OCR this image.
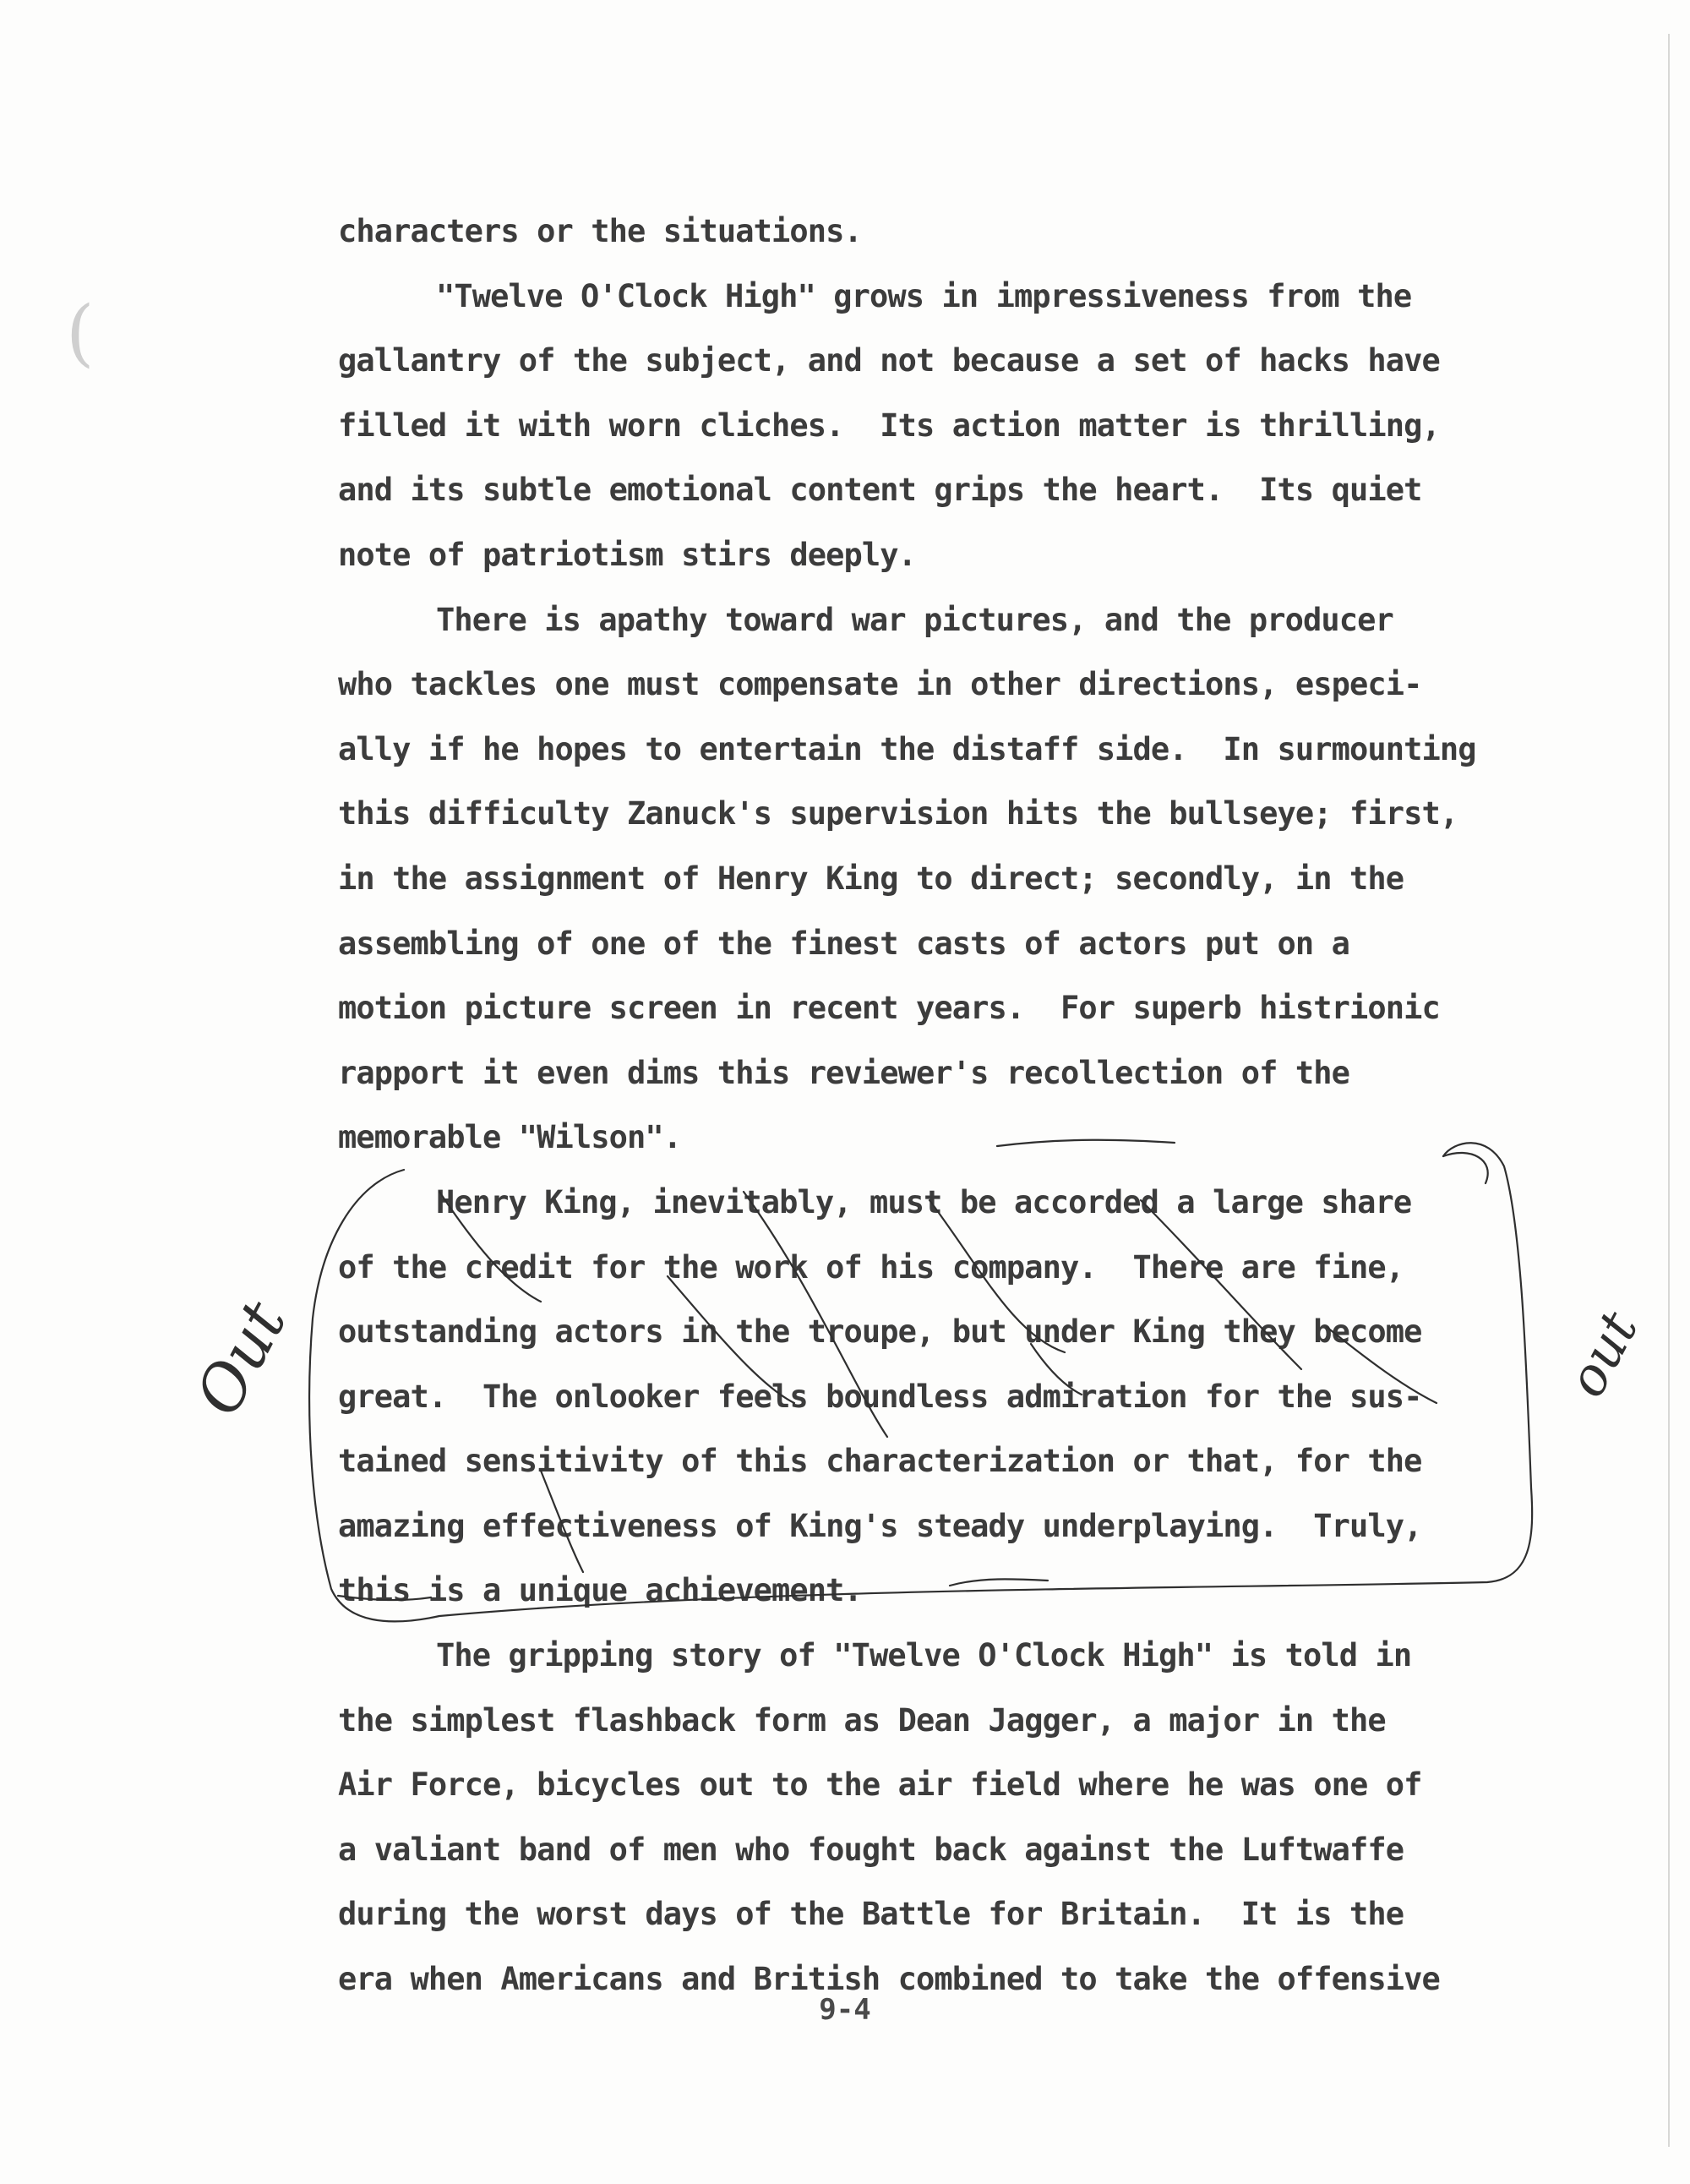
(
characters or the situations.
"Twelve O'Clock High" grows in impressiveness from the
gallantry of the subject, and not because a set of hacks have
filled it with worn cliches.  Its action matter is thrilling,
and its subtle emotional content grips the heart.  Its quiet
note of patriotism stirs deeply.
There is apathy toward war pictures, and the producer
who tackles one must compensate in other directions, especi-
ally if he hopes to entertain the distaff side.  In surmounting
this difficulty Zanuck's supervision hits the bullseye; first,
in the assignment of Henry King to direct; secondly, in the
assembling of one of the finest casts of actors put on a
motion picture screen in recent years.  For superb histrionic
rapport it even dims this reviewer's recollection of the
memorable "Wilson".
Henry King, inevitably, must be accorded a large share
of the credit for the work of his company.  There are fine,
outstanding actors in the troupe, but under King they become
great.  The onlooker feels boundless admiration for the sus-
tained sensitivity of this characterization or that, for the
amazing effectiveness of King's steady underplaying.  Truly,
this is a unique achievement.
The gripping story of "Twelve O'Clock High" is told in
the simplest flashback form as Dean Jagger, a major in the
Air Force, bicycles out to the air field where he was one of
a valiant band of men who fought back against the Luftwaffe
during the worst days of the Battle for Britain.  It is the
era when Americans and British combined to take the offensive
9-4
Out	out
